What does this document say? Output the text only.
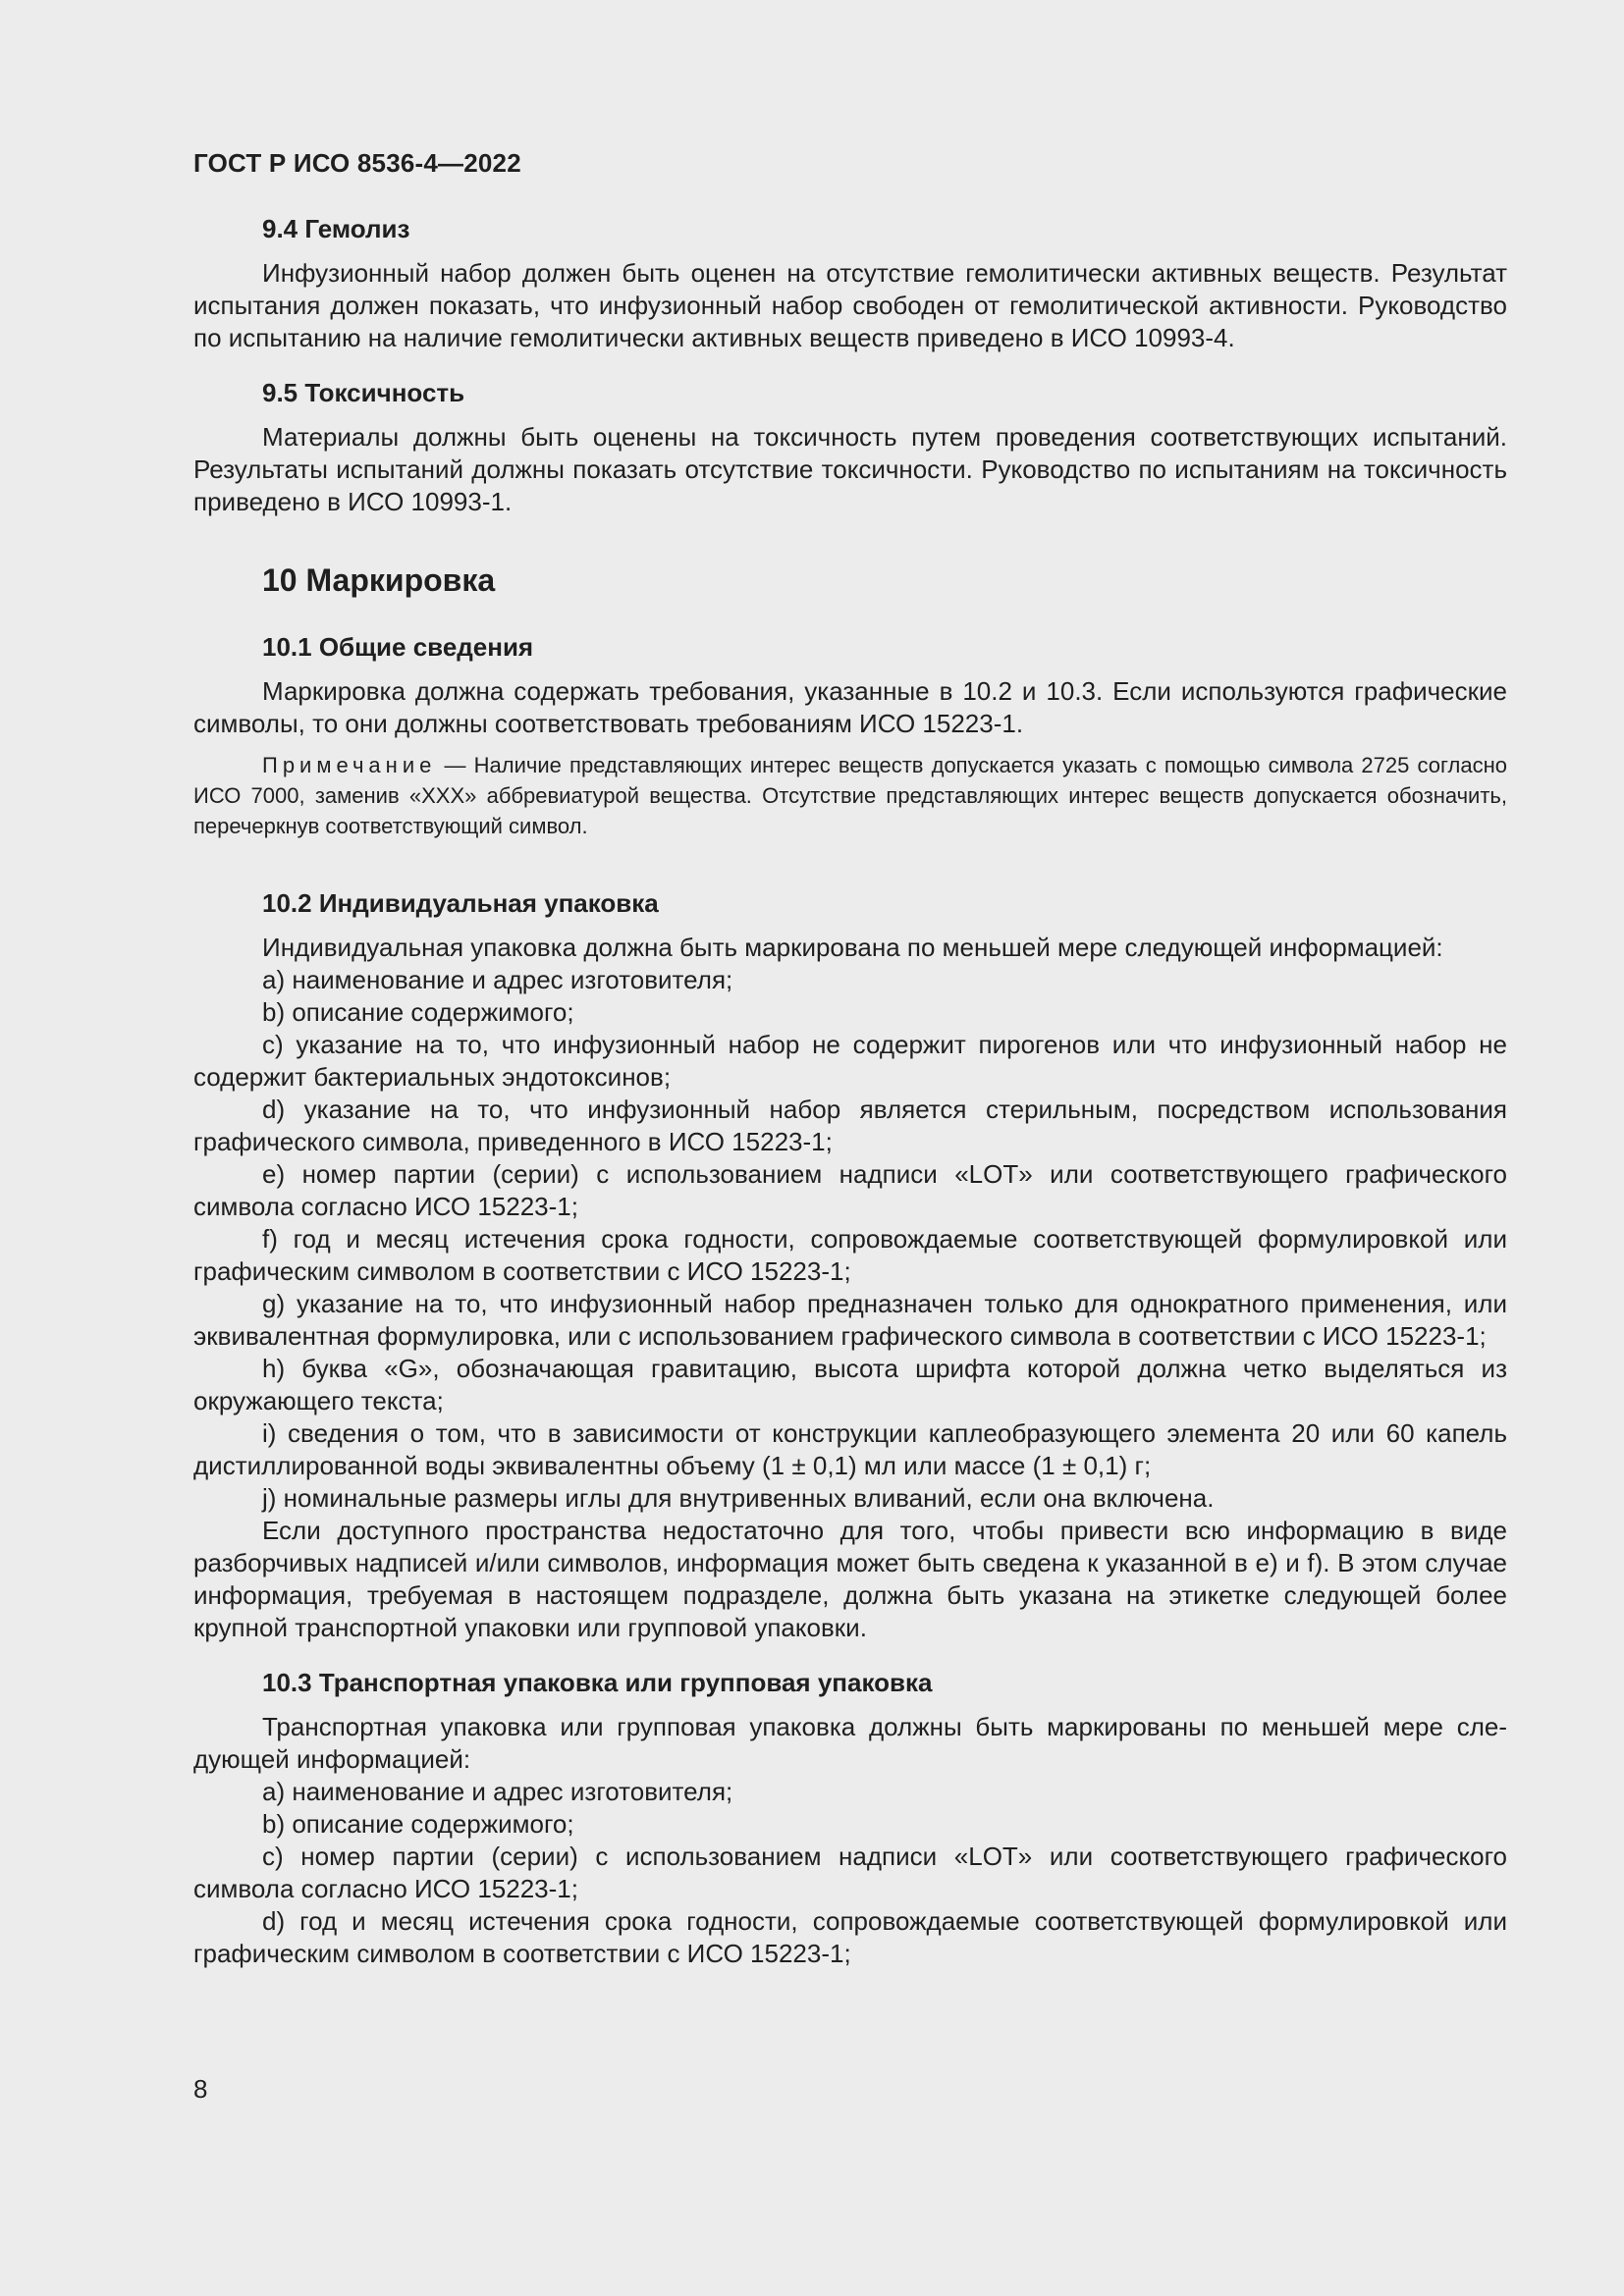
ГОСТ Р ИСО 8536-4—2022
9.4 Гемолиз

Инфузионный набор должен быть оценен на отсутствие гемолитически активных веществ. Результат испытания должен показать, что инфузионный набор свободен от гемолитической активности. Руководство по испытанию на наличие гемолитически активных веществ приведено в ИСО 10993-4.

9.5 Токсичность

Материалы должны быть оценены на токсичность путем проведения соответствующих испытаний. Результаты испытаний должны показать отсутствие токсичности. Руководство по испытаниям на токсичность приведено в ИСО 10993-1.

10 Маркировка
10.1 Общие сведения

Маркировка должна содержать требования, указанные в 10.2 и 10.3. Если используются графические символы, то они должны соответствовать требованиям ИСО 15223-1.

Примечание — Наличие представляющих интерес веществ допускается указать с помощью символа 2725 согласно ИСО 7000, заменив «XXX» аббревиатурой вещества. Отсутствие представляющих интерес веществ допускается обозначить, перечеркнув соответствующий символ.
10.2 Индивидуальная упаковка

Индивидуальная упаковка должна быть маркирована по меньшей мере следующей информацией:

a) наименование и адрес изготовителя;

b) описание содержимого;

c) указание на то, что инфузионный набор не содержит пирогенов или что инфузионный набор не содержит бактериальных эндотоксинов;

d) указание на то, что инфузионный набор является стерильным, посредством использования графического символа, приведенного в ИСО 15223-1;

e) номер партии (серии) с использованием надписи «LOT» или соответствующего графического символа согласно ИСО 15223-1;

f) год и месяц истечения срока годности, сопровождаемые соответствующей формулировкой или графическим символом в соответствии с ИСО 15223-1;

g) указание на то, что инфузионный набор предназначен только для однократного применения, или эквивалентная формулировка, или с использованием графического символа в соответствии с ИСО 15223-1;

h) буква «G», обозначающая гравитацию, высота шрифта которой должна четко выделяться из окружающего текста;

i) сведения о том, что в зависимости от конструкции каплеобразующего элемента 20 или 60 капель дистиллированной воды эквивалентны объему (1 ± 0,1) мл или массе (1 ± 0,1) г;

j) номинальные размеры иглы для внутривенных вливаний, если она включена.

Если доступного пространства недостаточно для того, чтобы привести всю информацию в виде разборчивых надписей и/или символов, информация может быть сведена к указанной в e) и f). В этом случае информация, требуемая в настоящем подразделе, должна быть указана на этикетке следующей более крупной транспортной упаковки или групповой упаковки.

10.3 Транспортная упаковка или групповая упаковка

Транспортная упаковка или групповая упаковка должны быть маркированы по меньшей мере следующей информацией:

a) наименование и адрес изготовителя;

b) описание содержимого;

c) номер партии (серии) с использованием надписи «LOT» или соответствующего графического символа согласно ИСО 15223-1;

d) год и месяц истечения срока годности, сопровождаемые соответствующей формулировкой или графическим символом в соответствии с ИСО 15223-1;

8
